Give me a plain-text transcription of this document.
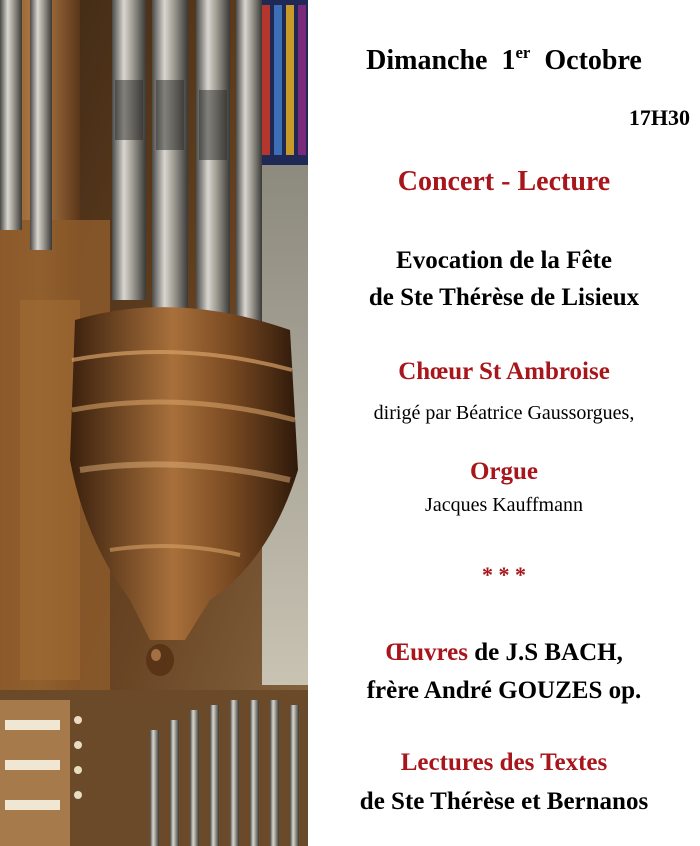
Dimanche 1er Octobre
17H30
Concert - Lecture
Evocation de la Fête
de Ste Thérèse de Lisieux
Chœur St Ambroise
dirigé par Béatrice Gaussorgues,
Orgue
Jacques Kauffmann
* * *
Œuvres de J.S BACH,
frère André GOUZES op.
Lectures des Textes
de Ste Thérèse et Bernanos
